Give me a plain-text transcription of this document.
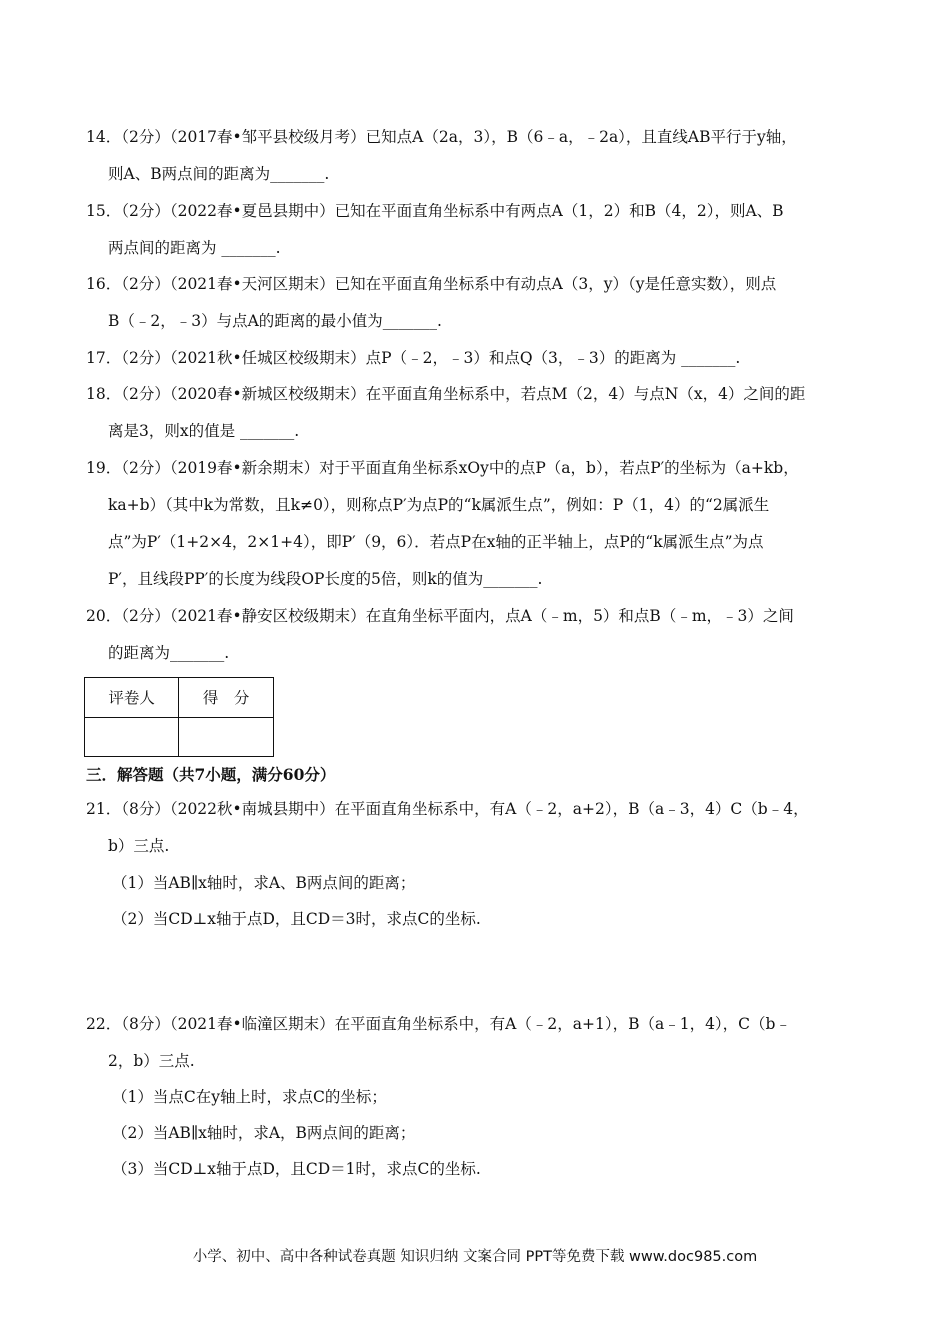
14．（2分）（2017春•邹平县校级月考）已知点A（2a，3），B（6﹣a，﹣2a），且直线AB平行于y轴，
则A、B两点间的距离为_______.
15．（2分）（2022春•夏邑县期中）已知在平面直角坐标系中有两点A（1，2）和B（4，2），则A、B
两点间的距离为 _______.
16．（2分）（2021春•天河区期末）已知在平面直角坐标系中有动点A（3，y）（y是任意实数），则点
B（﹣2，﹣3）与点A的距离的最小值为_______.
17．（2分）（2021秋•任城区校级期末）点P（﹣2，﹣3）和点Q（3，﹣3）的距离为 _______.
18．（2分）（2020春•新城区校级期末）在平面直角坐标系中，若点M（2，4）与点N（x，4）之间的距
离是3，则x的值是 _______.
19．（2分）（2019春•新余期末）对于平面直角坐标系xOy中的点P（a，b），若点P′的坐标为（a+kb，
ka+b）（其中k为常数，且k≠0），则称点P′为点P的“k属派生点”，例如：P（1，4）的“2属派生
点”为P′（1+2×4，2×1+4），即P′（9，6）．若点P在x轴的正半轴上，点P的“k属派生点”为点
P′，且线段PP′的长度为线段OP长度的5倍，则k的值为_______.
20．（2分）（2021春•静安区校级期末）在直角坐标平面内，点A（﹣m，5）和点B（﹣m，﹣3）之间
的距离为_______.
评卷人	得　分

三．解答题（共7小题，满分60分）
21．（8分）（2022秋•南城县期中）在平面直角坐标系中，有A（﹣2，a+2），B（a﹣3，4）C（b﹣4，
b）三点.
（1）当AB∥x轴时，求A、B两点间的距离；
（2）当CD⊥x轴于点D，且CD＝3时，求点C的坐标.
22．（8分）（2021春•临潼区期末）在平面直角坐标系中，有A（﹣2，a+1），B（a﹣1，4），C（b﹣
2，b）三点.
（1）当点C在y轴上时，求点C的坐标；
（2）当AB∥x轴时，求A，B两点间的距离；
（3）当CD⊥x轴于点D，且CD＝1时，求点C的坐标.
小学、初中、高中各种试卷真题 知识归纳 文案合同 PPT等免费下载 www.doc985.com
